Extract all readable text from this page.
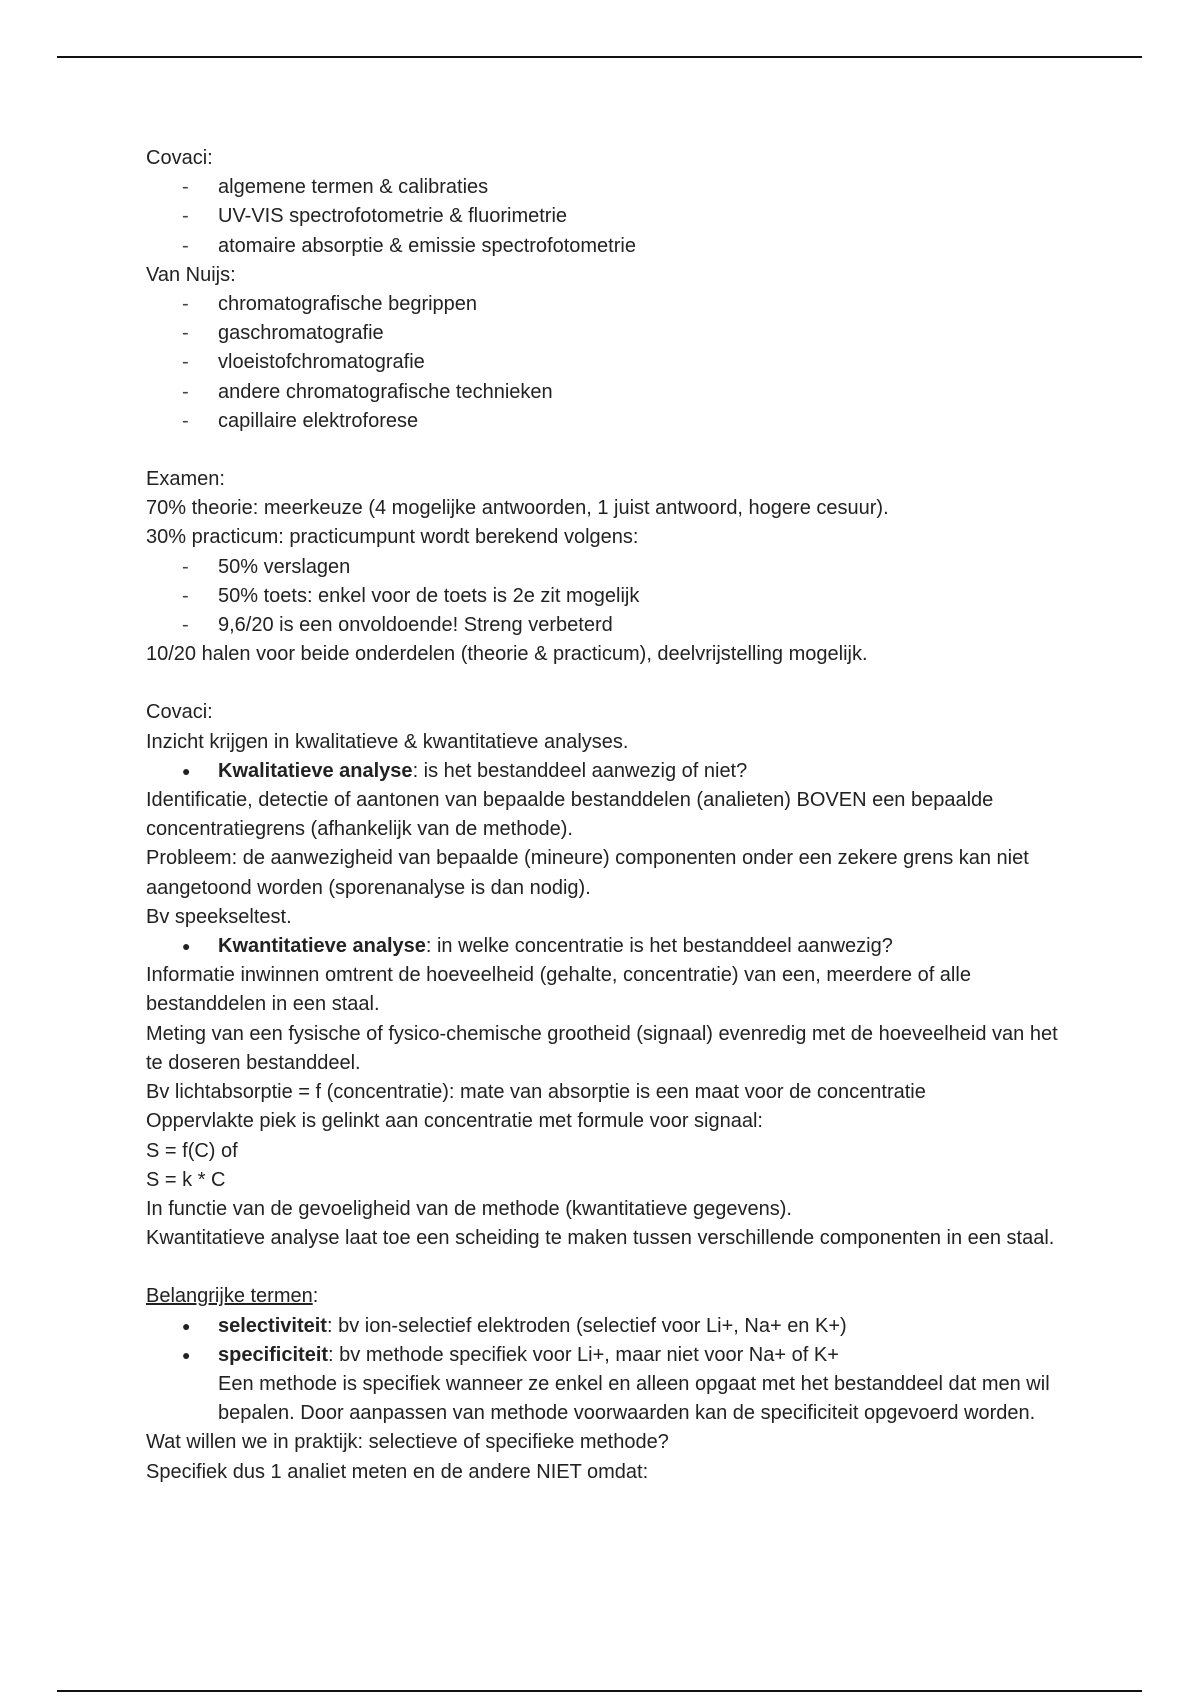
Covaci:

- algemene termen & calibraties
- UV-VIS spectrofotometrie & fluorimetrie
- atomaire absorptie & emissie spectrofotometrie

Van Nuijs:

- chromatografische begrippen
- gaschromatografie
- vloeistofchromatografie
- andere chromatografische technieken
- capillaire elektroforese

Examen:

70% theorie: meerkeuze (4 mogelijke antwoorden, 1 juist antwoord, hogere cesuur).

30% practicum: practicumpunt wordt berekend volgens:

- 50% verslagen
- 50% toets: enkel voor de toets is 2e zit mogelijk
- 9,6/20 is een onvoldoende! Streng verbeterd

10/20 halen voor beide onderdelen (theorie & practicum), deelvrijstelling mogelijk.

Covaci:

Inzicht krijgen in kwalitatieve & kwantitatieve analyses.

● Kwalitatieve analyse: is het bestanddeel aanwezig of niet?

Identificatie, detectie of aantonen van bepaalde bestanddelen (analieten) BOVEN een bepaalde concentratiegrens (afhankelijk van de methode).

Probleem: de aanwezigheid van bepaalde (mineure) componenten onder een zekere grens kan niet aangetoond worden (sporenanalyse is dan nodig).

Bv speekseltest.

● Kwantitatieve analyse: in welke concentratie is het bestanddeel aanwezig?

Informatie inwinnen omtrent de hoeveelheid (gehalte, concentratie) van een, meerdere of alle bestanddelen in een staal.

Meting van een fysische of fysico-chemische grootheid (signaal) evenredig met de hoeveelheid van het te doseren bestanddeel.

Bv lichtabsorptie = f (concentratie): mate van absorptie is een maat voor de concentratie

Oppervlakte piek is gelinkt aan concentratie met formule voor signaal:

S = f(C) of

S = k * C

In functie van de gevoeligheid van de methode (kwantitatieve gegevens).

Kwantitatieve analyse laat toe een scheiding te maken tussen verschillende componenten in een staal.

Belangrijke termen:

● selectiviteit: bv ion-selectief elektroden (selectief voor Li+, Na+ en K+)
● specificiteit: bv methode specifiek voor Li+, maar niet voor Na+ of K+
Een methode is specifiek wanneer ze enkel en alleen opgaat met het bestanddeel dat men wil bepalen. Door aanpassen van methode voorwaarden kan de specificiteit opgevoerd worden.

Wat willen we in praktijk: selectieve of specifieke methode?

Specifiek dus 1 analiet meten en de andere NIET omdat:
